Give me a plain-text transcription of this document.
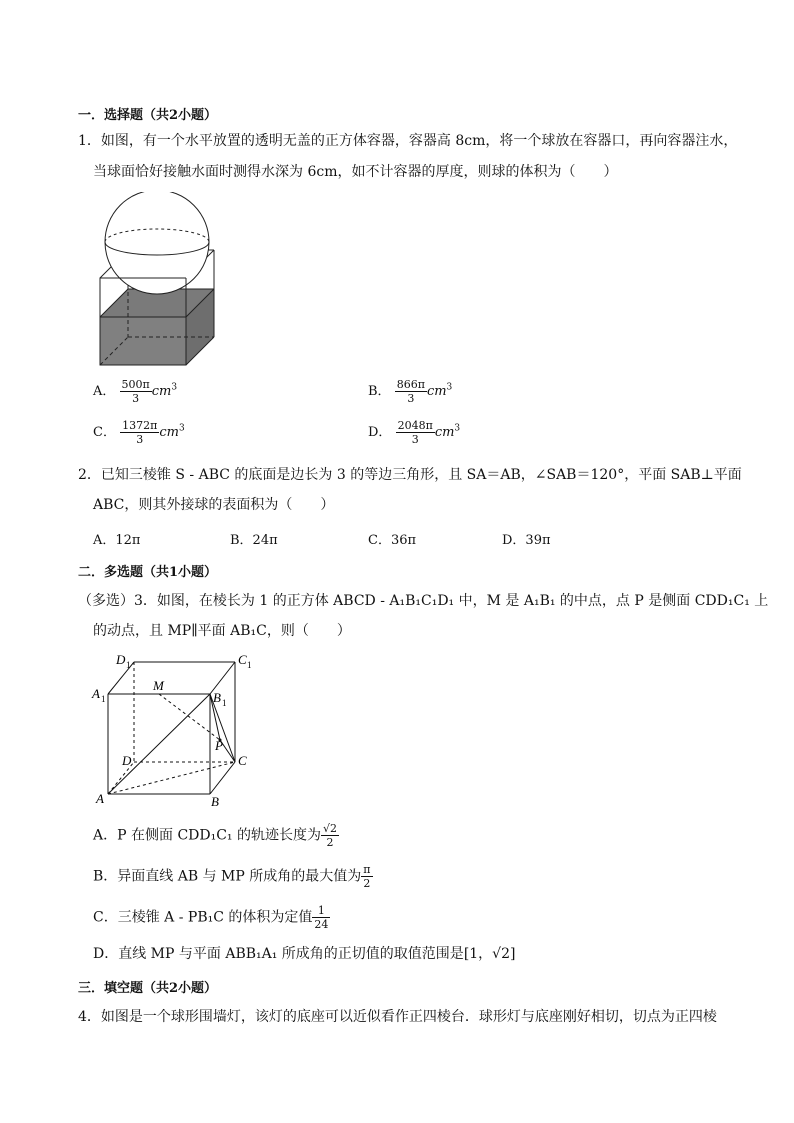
一．选择题（共2小题）
1．如图，有一个水平放置的透明无盖的正方体容器，容器高 8cm，将一个球放在容器口，再向容器注水，
当球面恰好接触水面时测得水深为 6cm，如不计容器的厚度，则球的体积为（　　）
A． $\frac{500\pi}{3} cm^3$	B． $\frac{866\pi}{3} cm^3$
C． $\frac{1372\pi}{3} cm^3$	D． $\frac{2048\pi}{3} cm^3$
2．已知三棱锥 S - ABC 的底面是边长为 3 的等边三角形，且 SA＝AB，∠SAB＝120°，平面 SAB⊥平面
ABC，则其外接球的表面积为（　　）
A．12π	B．24π	C．36π	D．39π
二．多选题（共1小题）
（多选）3．如图，在棱长为 1 的正方体 ABCD - A₁B₁C₁D₁ 中，M 是 A₁B₁ 的中点，点 P 是侧面 CDD₁C₁ 上
的动点，且 MP∥平面 AB₁C，则（　　）
D 1	C 1
A 1	B 1
M
P
D	C
A	B
A．P 在侧面 CDD₁C₁ 的轨迹长度为 $\frac{√2}{2}$
B．异面直线 AB 与 MP 所成角的最大值为 $\frac{\pi}{2}$
C．三棱锥 A - PB₁C 的体积为定值 $\frac{1}{24}$
D．直线 MP 与平面 ABB₁A₁ 所成角的正切值的取值范围是[1，√2]
三．填空题（共2小题）
4．如图是一个球形围墙灯，该灯的底座可以近似看作正四棱台．球形灯与底座刚好相切，切点为正四棱
